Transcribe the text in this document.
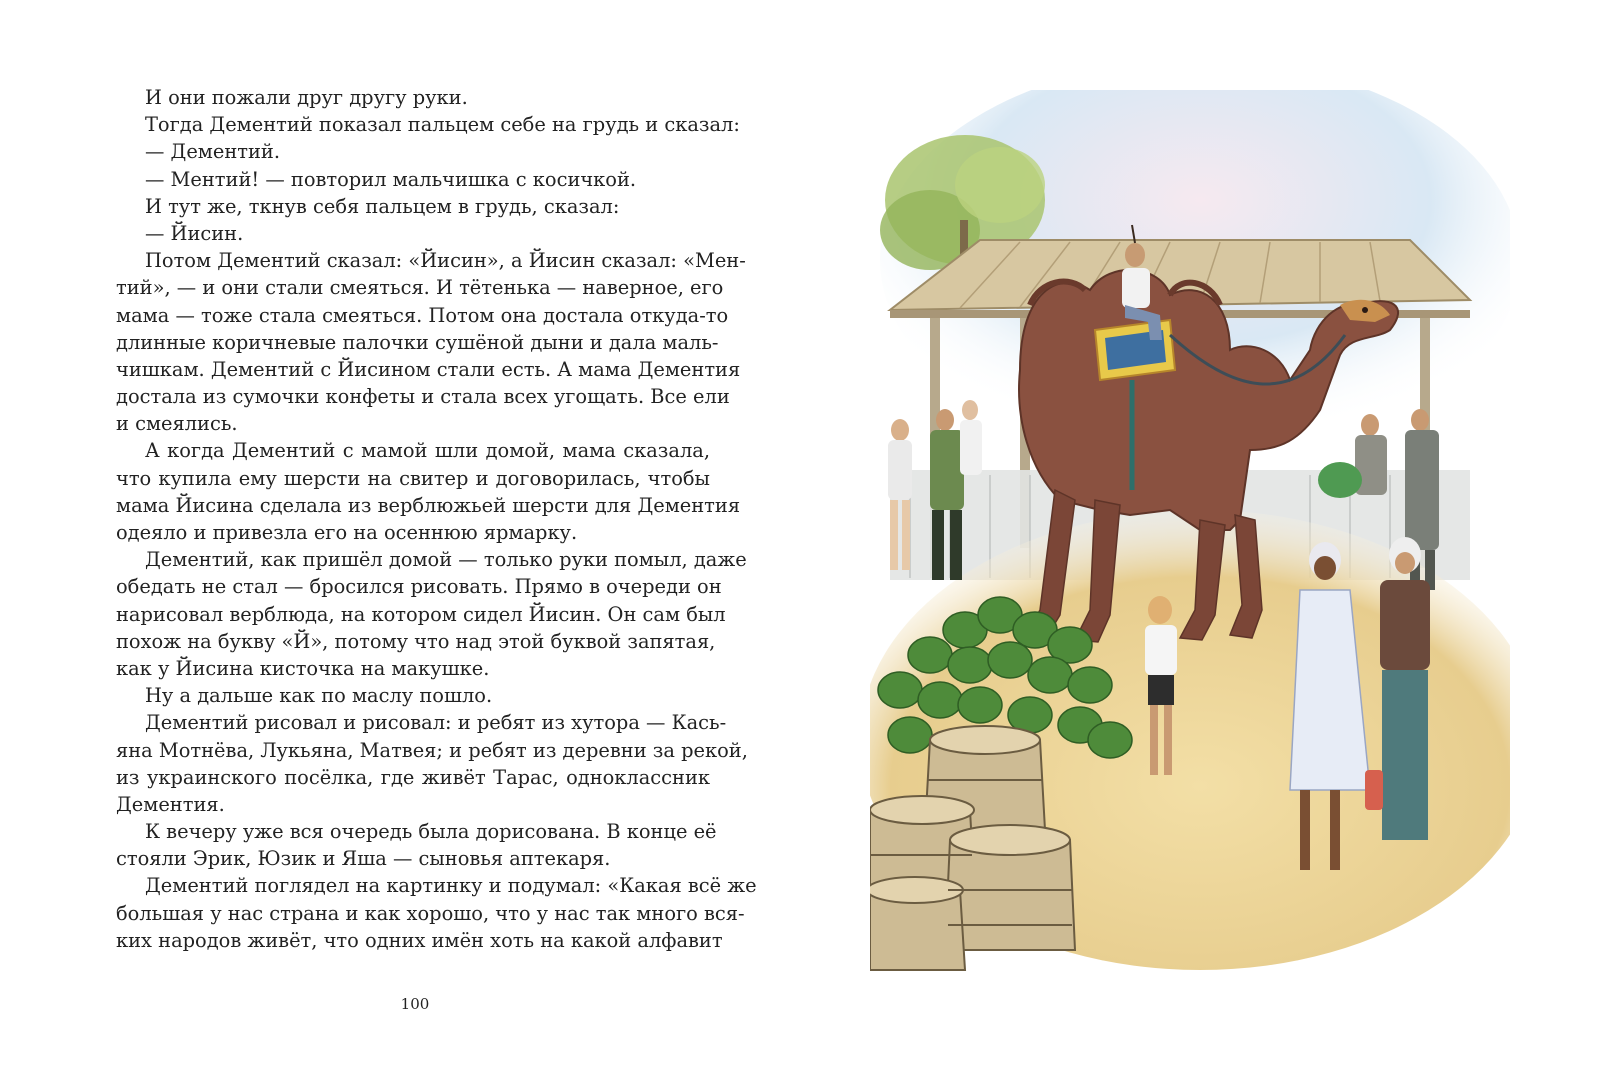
И они пожали друг другу руки.
Тогда Дементий показал пальцем себе на грудь и сказал:
— Дементий.
— Ментий! — повторил мальчишка с косичкой.
И тут же, ткнув себя пальцем в грудь, сказал:
— Йисин.
Потом Дементий сказал: «Йисин», а Йисин сказал: «Мен-
тий», — и они стали смеяться. И тётенька — наверное, его
мама — тоже стала смеяться. Потом она достала откуда-то
длинные коричневые палочки сушёной дыни и дала маль-
чишкам. Дементий с Йисином стали есть. А мама Дементия
достала из сумочки конфеты и стала всех угощать. Все ели
и смеялись.
А когда Дементий с мамой шли домой, мама сказала,
что купила ему шерсти на свитер и договорилась, чтобы
мама Йисина сделала из верблюжьей шерсти для Дементия
одеяло и привезла его на осеннюю ярмарку.
Дементий, как пришёл домой — только руки помыл, даже
обедать не стал — бросился рисовать. Прямо в очереди он
нарисовал верблюда, на котором сидел Йисин. Он сам был
похож на букву «Й», потому что над этой буквой запятая,
как у Йисина кисточка на макушке.
Ну а дальше как по маслу пошло.
Дементий рисовал и рисовал: и ребят из хутора — Кась-
яна Мотнёва, Лукьяна, Матвея; и ребят из деревни за рекой,
из украинского посёлка, где живёт Тарас, одноклассник
Дементия.
К вечеру уже вся очередь была дорисована. В конце её
стояли Эрик, Юзик и Яша — сыновья аптекаря.
Дементий поглядел на картинку и подумал: «Какая всё же
большая у нас страна и как хорошо, что у нас так много вся-
ких народов живёт, что одних имён хоть на какой алфавит
100
